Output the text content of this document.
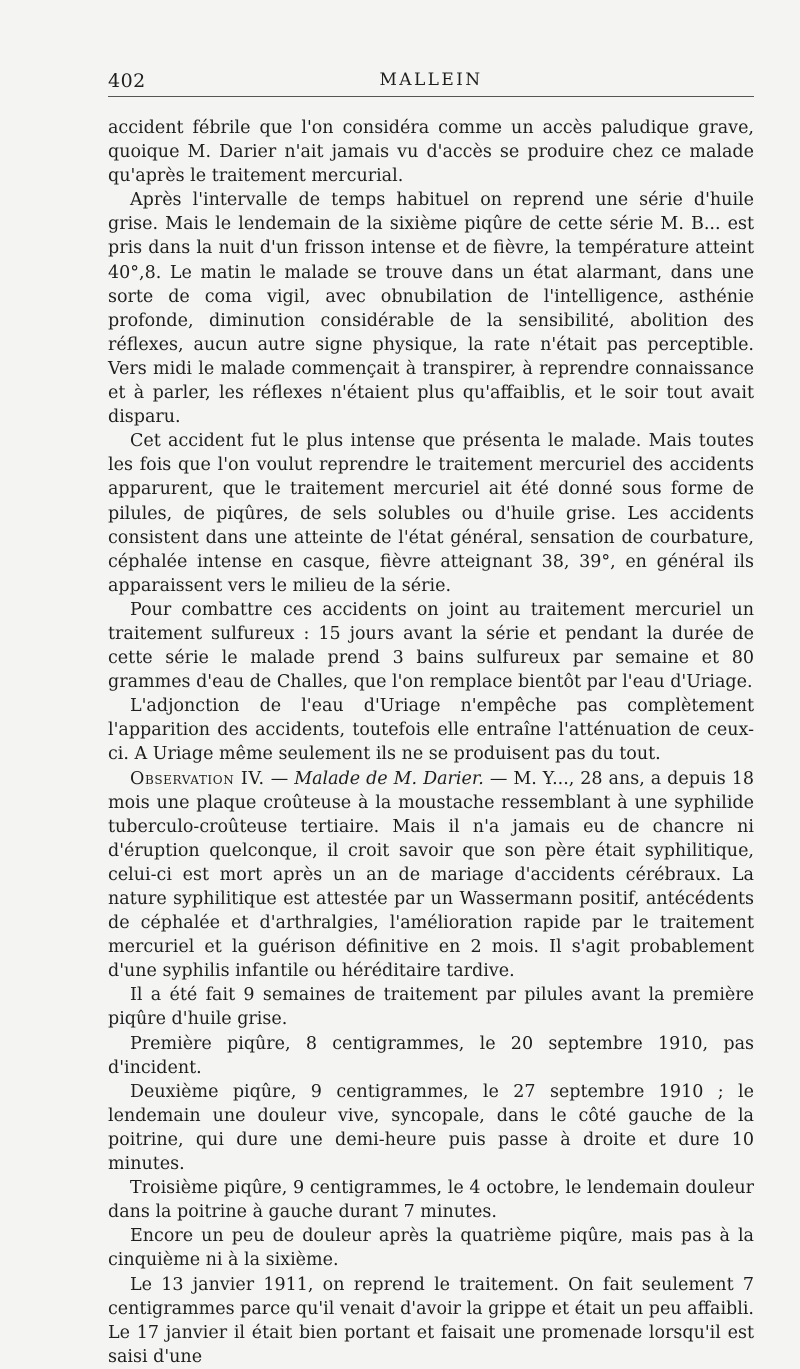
402	MALLEIN

accident fébrile que l'on considéra comme un accès paludique grave, quoique M. Darier n'ait jamais vu d'accès se produire chez ce malade qu'après le traitement mercurial.

Après l'intervalle de temps habituel on reprend une série d'huile grise. Mais le lendemain de la sixième piqûre de cette série M. B... est pris dans la nuit d'un frisson intense et de fièvre, la température atteint 40°,8. Le matin le malade se trouve dans un état alarmant, dans une sorte de coma vigil, avec obnubilation de l'intelligence, asthénie profonde, diminution considérable de la sensibilité, abolition des réflexes, aucun autre signe physique, la rate n'était pas perceptible. Vers midi le malade commençait à transpirer, à reprendre connaissance et à parler, les réflexes n'étaient plus qu'affaiblis, et le soir tout avait disparu.

Cet accident fut le plus intense que présenta le malade. Mais toutes les fois que l'on voulut reprendre le traitement mercuriel des accidents apparurent, que le traitement mercuriel ait été donné sous forme de pilules, de piqûres, de sels solubles ou d'huile grise. Les accidents consistent dans une atteinte de l'état général, sensation de courbature, céphalée intense en casque, fièvre atteignant 38, 39°, en général ils apparaissent vers le milieu de la série.

Pour combattre ces accidents on joint au traitement mercuriel un traitement sulfureux : 15 jours avant la série et pendant la durée de cette série le malade prend 3 bains sulfureux par semaine et 80 grammes d'eau de Challes, que l'on remplace bientôt par l'eau d'Uriage.

L'adjonction de l'eau d'Uriage n'empêche pas complètement l'apparition des accidents, toutefois elle entraîne l'atténuation de ceux-ci. A Uriage même seulement ils ne se produisent pas du tout.

Observation IV. — Malade de M. Darier. — M. Y..., 28 ans, a depuis 18 mois une plaque croûteuse à la moustache ressemblant à une syphilide tuberculo-croûteuse tertiaire. Mais il n'a jamais eu de chancre ni d'éruption quelconque, il croit savoir que son père était syphilitique, celui-ci est mort après un an de mariage d'accidents cérébraux. La nature syphilitique est attestée par un Wassermann positif, antécédents de céphalée et d'arthralgies, l'amélioration rapide par le traitement mercuriel et la guérison définitive en 2 mois. Il s'agit probablement d'une syphilis infantile ou héréditaire tardive.

Il a été fait 9 semaines de traitement par pilules avant la première piqûre d'huile grise.

Première piqûre, 8 centigrammes, le 20 septembre 1910, pas d'incident.

Deuxième piqûre, 9 centigrammes, le 27 septembre 1910 ; le lendemain une douleur vive, syncopale, dans le côté gauche de la poitrine, qui dure une demi-heure puis passe à droite et dure 10 minutes.

Troisième piqûre, 9 centigrammes, le 4 octobre, le lendemain douleur dans la poitrine à gauche durant 7 minutes.

Encore un peu de douleur après la quatrième piqûre, mais pas à la cinquième ni à la sixième.

Le 13 janvier 1911, on reprend le traitement. On fait seulement 7 centigrammes parce qu'il venait d'avoir la grippe et était un peu affaibli. Le 17 janvier il était bien portant et faisait une promenade lorsqu'il est saisi d'une
